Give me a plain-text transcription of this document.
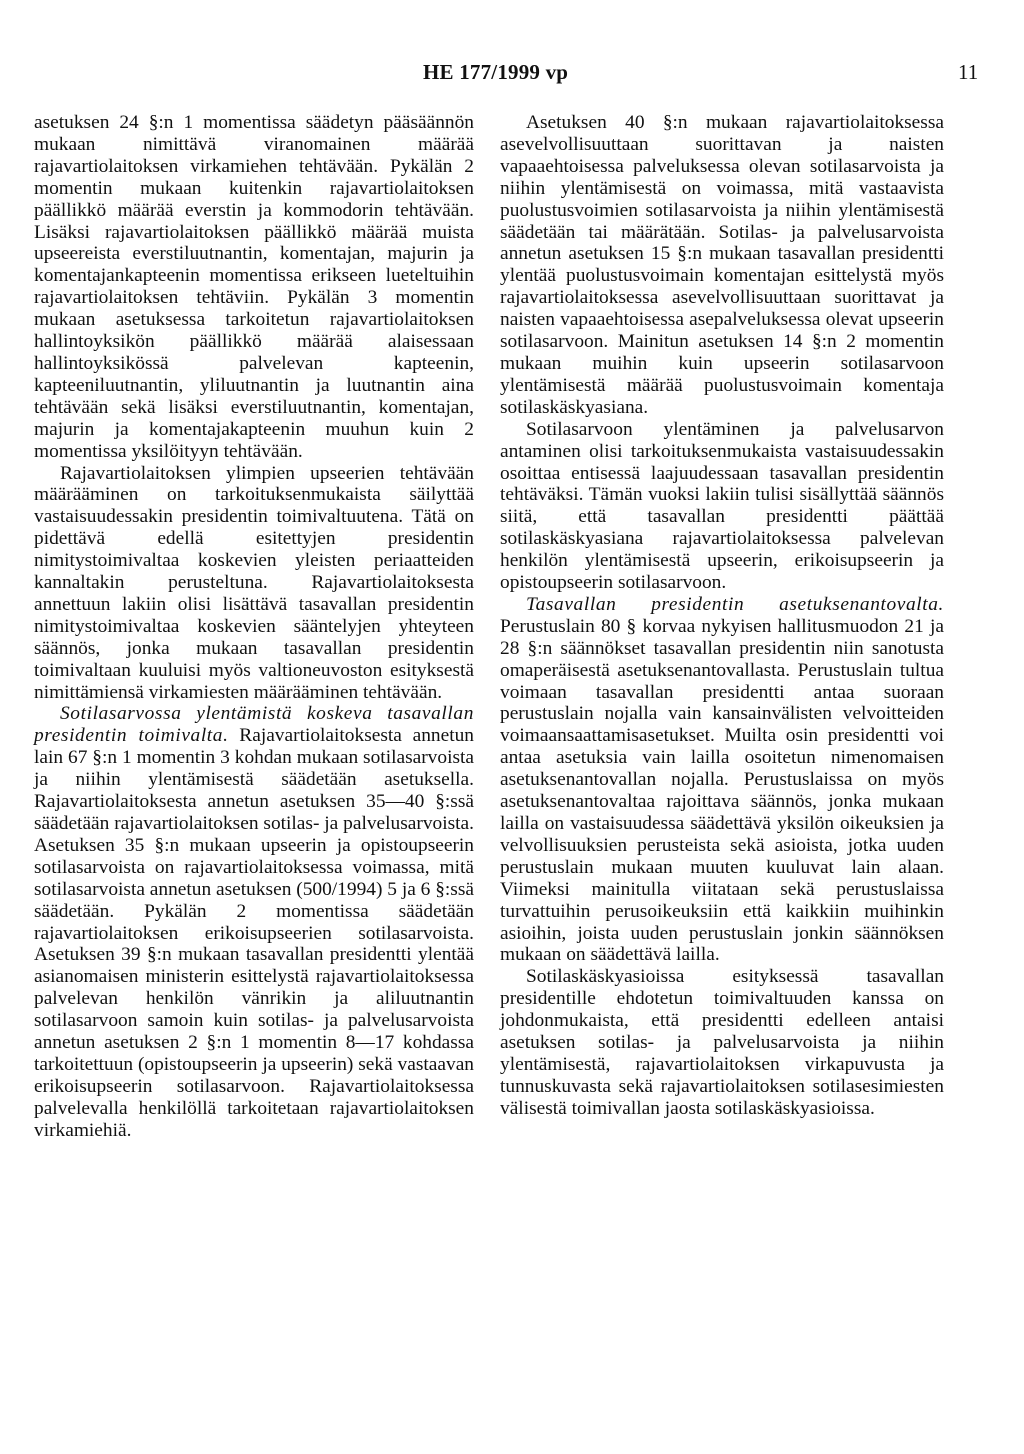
HE 177/1999 vp	11

asetuksen 24 §:n 1 momentissa säädetyn pääsäännön mukaan nimittävä viranomainen määrää rajavartiolaitoksen virkamiehen tehtävään. Pykälän 2 momentin mukaan kuitenkin rajavartiolaitoksen päällikkö määrää everstin ja kommodorin tehtävään. Lisäksi rajavartiolaitoksen päällikkö määrää muista upseereista everstiluutnantin, komentajan, majurin ja komentajankapteenin momentissa erikseen lueteltuihin rajavartiolaitoksen tehtäviin. Pykälän 3 momentin mukaan asetuksessa tarkoitetun rajavartiolaitoksen hallintoyksikön päällikkö määrää alaisessaan hallintoyksikössä palvelevan kapteenin, kapteeniluutnantin, yliluutnantin ja luutnantin aina tehtävään sekä lisäksi everstiluutnantin, komentajan, majurin ja komentajakapteenin muuhun kuin 2 momentissa yksilöityyn tehtävään.

Rajavartiolaitoksen ylimpien upseerien tehtävään määrääminen on tarkoituksenmukaista säilyttää vastaisuudessakin presidentin toimivaltuutena. Tätä on pidettävä edellä esitettyjen presidentin nimitystoimivaltaa koskevien yleisten periaatteiden kannaltakin perusteltuna. Rajavartiolaitoksesta annettuun lakiin olisi lisättävä tasavallan presidentin nimitystoimivaltaa koskevien sääntelyjen yhteyteen säännös, jonka mukaan tasavallan presidentin toimivaltaan kuuluisi myös valtioneuvoston esityksestä nimittämiensä virkamiesten määrääminen tehtävään.

Sotilasarvossa ylentämistä koskeva tasavallan presidentin toimivalta. Rajavartiolaitoksesta annetun lain 67 §:n 1 momentin 3 kohdan mukaan sotilasarvoista ja niihin ylentämisestä säädetään asetuksella. Rajavartiolaitoksesta annetun asetuksen 35—40 §:ssä säädetään rajavartiolaitoksen sotilas- ja palvelusarvoista. Asetuksen 35 §:n mukaan upseerin ja opistoupseerin sotilasarvoista on rajavartiolaitoksessa voimassa, mitä sotilasarvoista annetun asetuksen (500/1994) 5 ja 6 §:ssä säädetään. Pykälän 2 momentissa säädetään rajavartiolaitoksen erikoisupseerien sotilasarvoista. Asetuksen 39 §:n mukaan tasavallan presidentti ylentää asianomaisen ministerin esittelystä rajavartiolaitoksessa palvelevan henkilön vänrikin ja aliluutnantin sotilasarvoon samoin kuin sotilas- ja palvelusarvoista annetun asetuksen 2 §:n 1 momentin 8—17 kohdassa tarkoitettuun (opistoupseerin ja upseerin) sekä vastaavan erikoisupseerin sotilasarvoon. Rajavartiolaitoksessa palvelevalla henkilöllä tarkoitetaan rajavartiolaitoksen virkamiehiä.

Asetuksen 40 §:n mukaan rajavartiolaitoksessa asevelvollisuuttaan suorittavan ja naisten vapaaehtoisessa palveluksessa olevan sotilasarvoista ja niihin ylentämisestä on voimassa, mitä vastaavista puolustusvoimien sotilasarvoista ja niihin ylentämisestä säädetään tai määrätään. Sotilas- ja palvelusarvoista annetun asetuksen 15 §:n mukaan tasavallan presidentti ylentää puolustusvoimain komentajan esittelystä myös rajavartiolaitoksessa asevelvollisuuttaan suorittavat ja naisten vapaaehtoisessa asepalveluksessa olevat upseerin sotilasarvoon. Mainitun asetuksen 14 §:n 2 momentin mukaan muihin kuin upseerin sotilasarvoon ylentämisestä määrää puolustusvoimain komentaja sotilaskäskyasiana.

Sotilasarvoon ylentäminen ja palvelusarvon antaminen olisi tarkoituksenmukaista vastaisuudessakin osoittaa entisessä laajuudessaan tasavallan presidentin tehtäväksi. Tämän vuoksi lakiin tulisi sisällyttää säännös siitä, että tasavallan presidentti päättää sotilaskäskyasiana rajavartiolaitoksessa palvelevan henkilön ylentämisestä upseerin, erikoisupseerin ja opistoupseerin sotilasarvoon.

Tasavallan presidentin asetuksenantovalta. Perustuslain 80 § korvaa nykyisen hallitusmuodon 21 ja 28 §:n säännökset tasavallan presidentin niin sanotusta omaperäisestä asetuksenantovallasta. Perustuslain tultua voimaan tasavallan presidentti antaa suoraan perustuslain nojalla vain kansainvälisten velvoitteiden voimaansaattamisasetukset. Muilta osin presidentti voi antaa asetuksia vain laillа osoitetun nimenomaisen asetuksenantovallan nojalla. Perustuslaissa on myös asetuksenantovaltaa rajoittava säännös, jonka mukaan laillа on vastaisuudessa säädettävä yksilön oikeuksien ja velvollisuuksien perusteista sekä asioista, jotka uuden perustuslain mukaan muuten kuuluvat lain alaan. Viimeksi mainitulla viitataan sekä perustuslaissa turvattuihin perusoikeuksiin että kaikkiin muihinkin asioihin, joista uuden perustuslain jonkin säännöksen mukaan on säädettävä laillа.

Sotilaskäskyasioissa esityksessä tasavallan presidentille ehdotetun toimivaltuuden kanssa on johdonmukaista, että presidentti edelleen antaisi asetuksen sotilas- ja palvelusarvoista ja niihin ylentämisestä, rajavartiolaitoksen virkapuvusta ja tunnuskuvasta sekä rajavartiolaitoksen sotilasesimiesten välisestä toimivallan jaosta sotilaskäskyasioissa.
